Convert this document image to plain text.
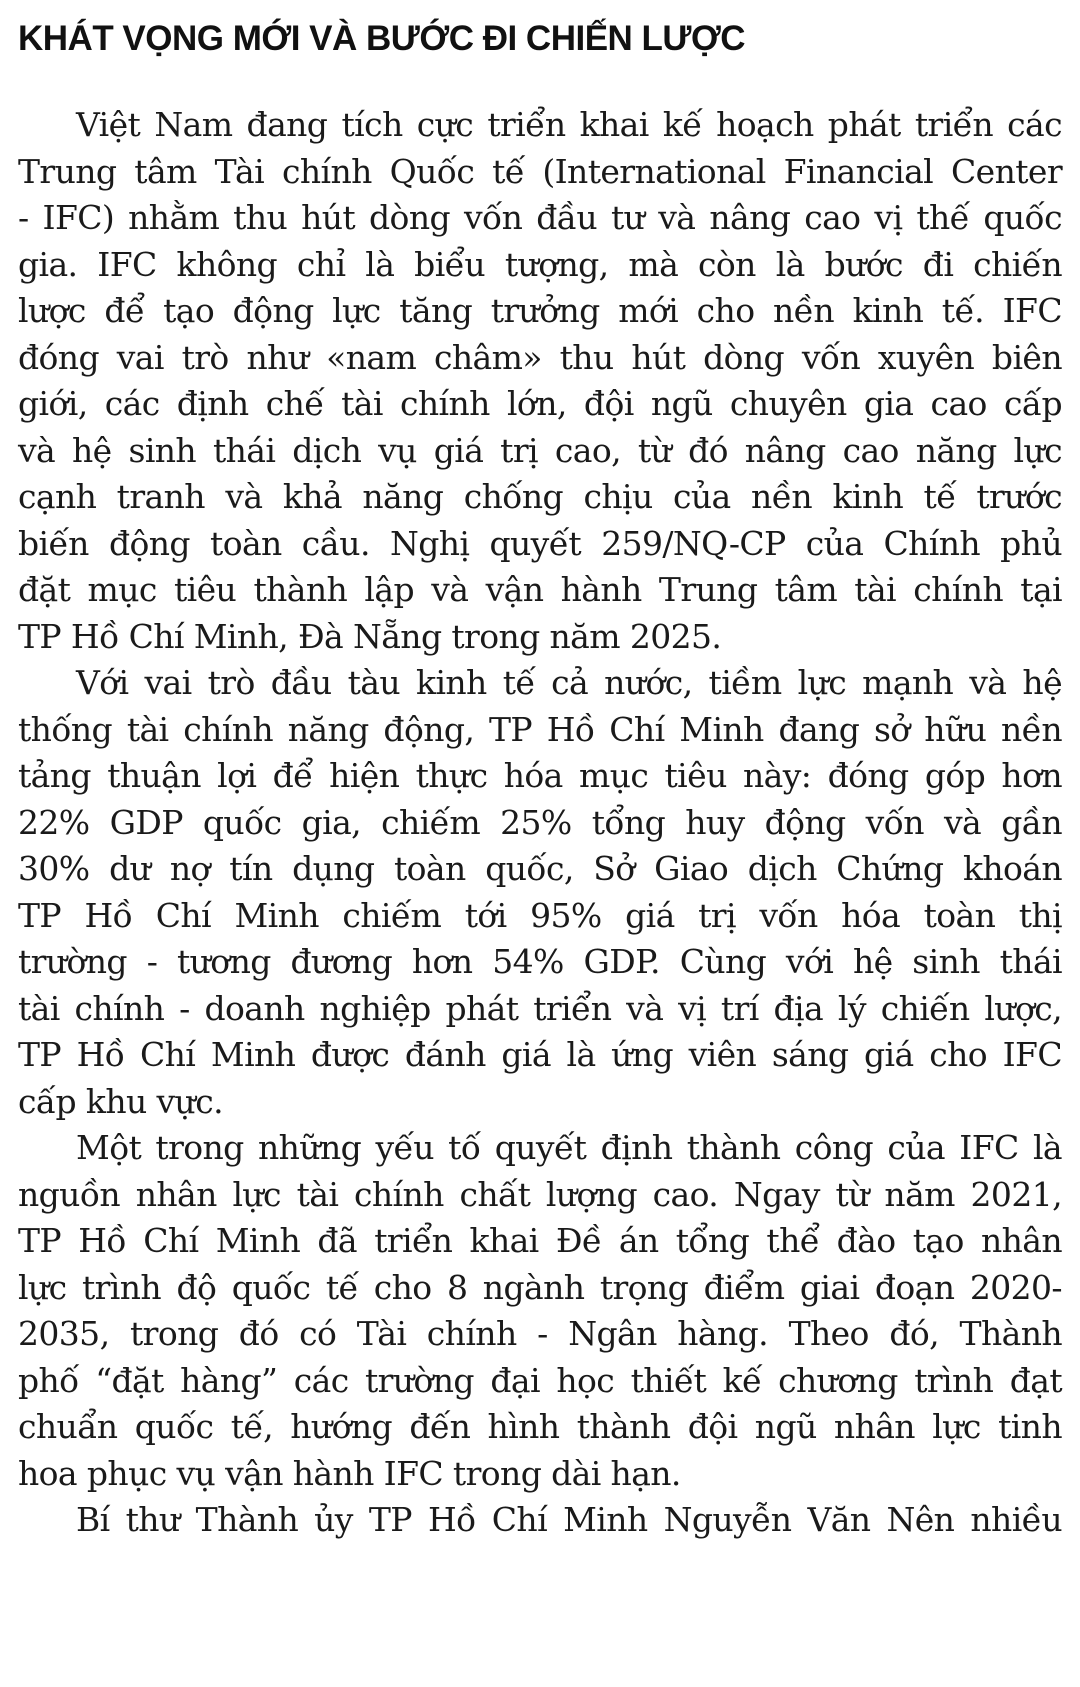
KHÁT VỌNG MỚI VÀ BƯỚC ĐI CHIẾN LƯỢC

Việt Nam đang tích cực triển khai kế hoạch phát triển các
Trung tâm Tài chính Quốc tế (International Financial Center
- IFC) nhằm thu hút dòng vốn đầu tư và nâng cao vị thế quốc
gia. IFC không chỉ là biểu tượng, mà còn là bước đi chiến
lược để tạo động lực tăng trưởng mới cho nền kinh tế. IFC
đóng vai trò như «nam châm» thu hút dòng vốn xuyên biên
giới, các định chế tài chính lớn, đội ngũ chuyên gia cao cấp
và hệ sinh thái dịch vụ giá trị cao, từ đó nâng cao năng lực
cạnh tranh và khả năng chống chịu của nền kinh tế trước
biến động toàn cầu. Nghị quyết 259/NQ-CP của Chính phủ
đặt mục tiêu thành lập và vận hành Trung tâm tài chính tại
TP Hồ Chí Minh, Đà Nẵng trong năm 2025.

Với vai trò đầu tàu kinh tế cả nước, tiềm lực mạnh và hệ
thống tài chính năng động, TP Hồ Chí Minh đang sở hữu nền
tảng thuận lợi để hiện thực hóa mục tiêu này: đóng góp hơn
22% GDP quốc gia, chiếm 25% tổng huy động vốn và gần
30% dư nợ tín dụng toàn quốc, Sở Giao dịch Chứng khoán
TP Hồ Chí Minh chiếm tới 95% giá trị vốn hóa toàn thị
trường - tương đương hơn 54% GDP. Cùng với hệ sinh thái
tài chính - doanh nghiệp phát triển và vị trí địa lý chiến lược,
TP Hồ Chí Minh được đánh giá là ứng viên sáng giá cho IFC
cấp khu vực.

Một trong những yếu tố quyết định thành công của IFC là
nguồn nhân lực tài chính chất lượng cao. Ngay từ năm 2021,
TP Hồ Chí Minh đã triển khai Đề án tổng thể đào tạo nhân
lực trình độ quốc tế cho 8 ngành trọng điểm giai đoạn 2020-
2035, trong đó có Tài chính - Ngân hàng. Theo đó, Thành
phố “đặt hàng” các trường đại học thiết kế chương trình đạt
chuẩn quốc tế, hướng đến hình thành đội ngũ nhân lực tinh
hoa phục vụ vận hành IFC trong dài hạn.

Bí thư Thành ủy TP Hồ Chí Minh Nguyễn Văn Nên nhiều
